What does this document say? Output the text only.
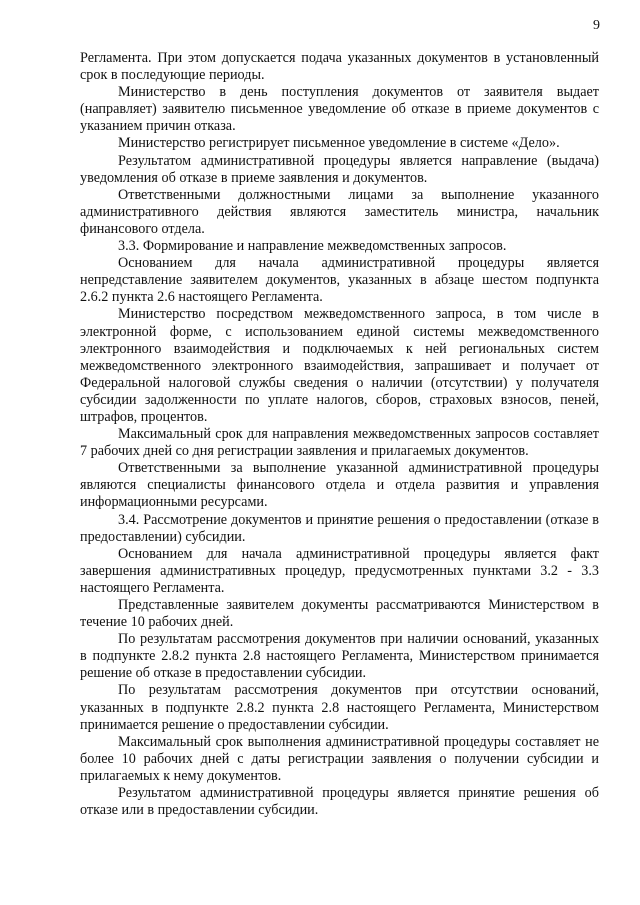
9

Регламента. При этом допускается подача указанных документов в установленный срок в последующие периоды.

Министерство в день поступления документов от заявителя выдает (направляет) заявителю письменное уведомление об отказе в приеме документов с указанием причин отказа.

Министерство регистрирует письменное уведомление в системе «Дело».

Результатом административной процедуры является направление (выдача) уведомления об отказе в приеме заявления и документов.

Ответственными должностными лицами за выполнение указанного административного действия являются заместитель министра, начальник финансового отдела.

3.3. Формирование и направление межведомственных запросов.

Основанием для начала административной процедуры является непредставление заявителем документов, указанных в абзаце шестом подпункта 2.6.2 пункта 2.6 настоящего Регламента.

Министерство посредством межведомственного запроса, в том числе в электронной форме, с использованием единой системы межведомственного электронного взаимодействия и подключаемых к ней региональных систем межведомственного электронного взаимодействия, запрашивает и получает от Федеральной налоговой службы сведения о наличии (отсутствии) у получателя субсидии задолженности по уплате налогов, сборов, страховых взносов, пеней, штрафов, процентов.

Максимальный срок для направления межведомственных запросов составляет 7 рабочих дней со дня регистрации заявления и прилагаемых документов.

Ответственными за выполнение указанной административной процедуры являются специалисты финансового отдела и отдела развития и управления информационными ресурсами.

3.4. Рассмотрение документов и принятие решения о предоставлении (отказе в предоставлении) субсидии.

Основанием для начала административной процедуры является факт завершения административных процедур, предусмотренных пунктами 3.2 - 3.3 настоящего Регламента.

Представленные заявителем документы рассматриваются Министерством в течение 10 рабочих дней.

По результатам рассмотрения документов при наличии оснований, указанных в подпункте 2.8.2 пункта 2.8 настоящего Регламента, Министерством принимается решение об отказе в предоставлении субсидии.

По результатам рассмотрения документов при отсутствии оснований, указанных в подпункте 2.8.2 пункта 2.8 настоящего Регламента, Министерством принимается решение о предоставлении субсидии.

Максимальный срок выполнения административной процедуры составляет не более 10 рабочих дней с даты регистрации заявления о получении субсидии и прилагаемых к нему документов.

Результатом административной процедуры является принятие решения об отказе или в предоставлении субсидии.
